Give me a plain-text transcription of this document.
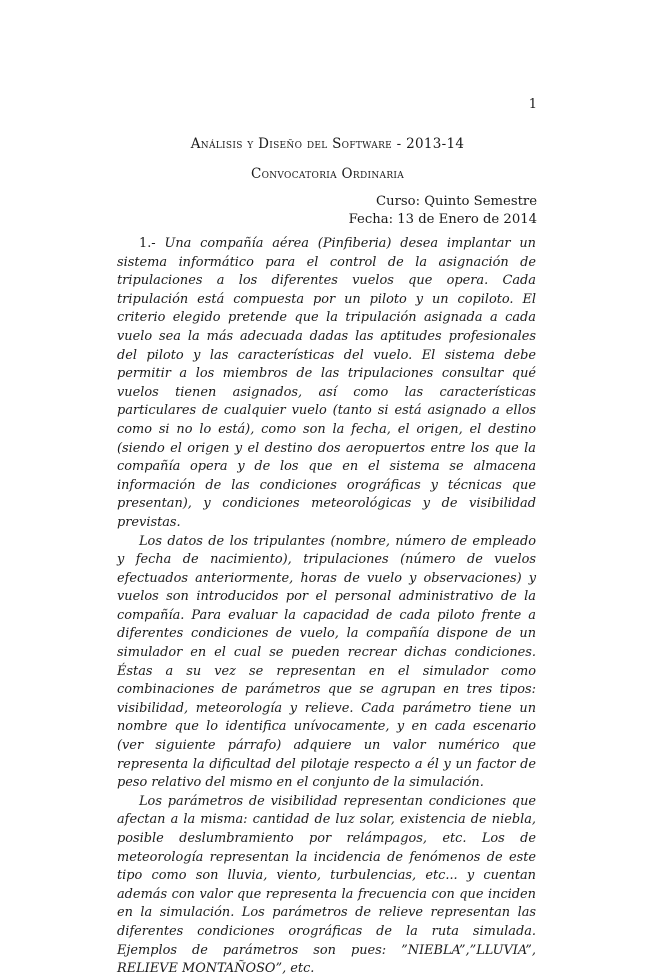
1
Análisis y Diseño del Software - 2013-14
Convocatoria Ordinaria
Curso: Quinto Semestre
Fecha: 13 de Enero de 2014

1.- Una compañía aérea (Pinfiberia) desea implantar un sistema informático para el control de la asignación de tripulaciones a los diferentes vuelos que opera. Cada tripulación está compuesta por un piloto y un copiloto. El criterio elegido pretende que la tripulación asignada a cada vuelo sea la más adecuada dadas las aptitudes profesionales del piloto y las características del vuelo. El sistema debe permitir a los miembros de las tripulaciones consultar qué vuelos tienen asignados, así como las características particulares de cualquier vuelo (tanto si está asignado a ellos como si no lo está), como son la fecha, el origen, el destino (siendo el origen y el destino dos aeropuertos entre los que la compañía opera y de los que en el sistema se almacena información de las condiciones orográficas y técnicas que presentan), y condiciones meteorológicas y de visibilidad previstas.

Los datos de los tripulantes (nombre, número de empleado y fecha de nacimiento), tripulaciones (número de vuelos efectuados anteriormente, horas de vuelo y observaciones) y vuelos son introducidos por el personal administrativo de la compañía. Para evaluar la capacidad de cada piloto frente a diferentes condiciones de vuelo, la compañía dispone de un simulador en el cual se pueden recrear dichas condiciones. Éstas a su vez se representan en el simulador como combinaciones de parámetros que se agrupan en tres tipos: visibilidad, meteorología y relieve. Cada parámetro tiene un nombre que lo identifica unívocamente, y en cada escenario (ver siguiente párrafo) adquiere un valor numérico que representa la dificultad del pilotaje respecto a él y un factor de peso relativo del mismo en el conjunto de la simulación.

Los parámetros de visibilidad representan condiciones que afectan a la misma: cantidad de luz solar, existencia de niebla, posible deslumbramiento por relámpagos, etc. Los de meteorología representan la incidencia de fenómenos de este tipo como son lluvia, viento, turbulencias, etc... y cuentan además con valor que representa la frecuencia con que inciden en la simulación. Los parámetros de relieve representan las diferentes condiciones orográficas de la ruta simulada. Ejemplos de parámetros son pues: ”NIEBLA”,”LLUVIA”, RELIEVE MONTAÑOSO”, etc.
